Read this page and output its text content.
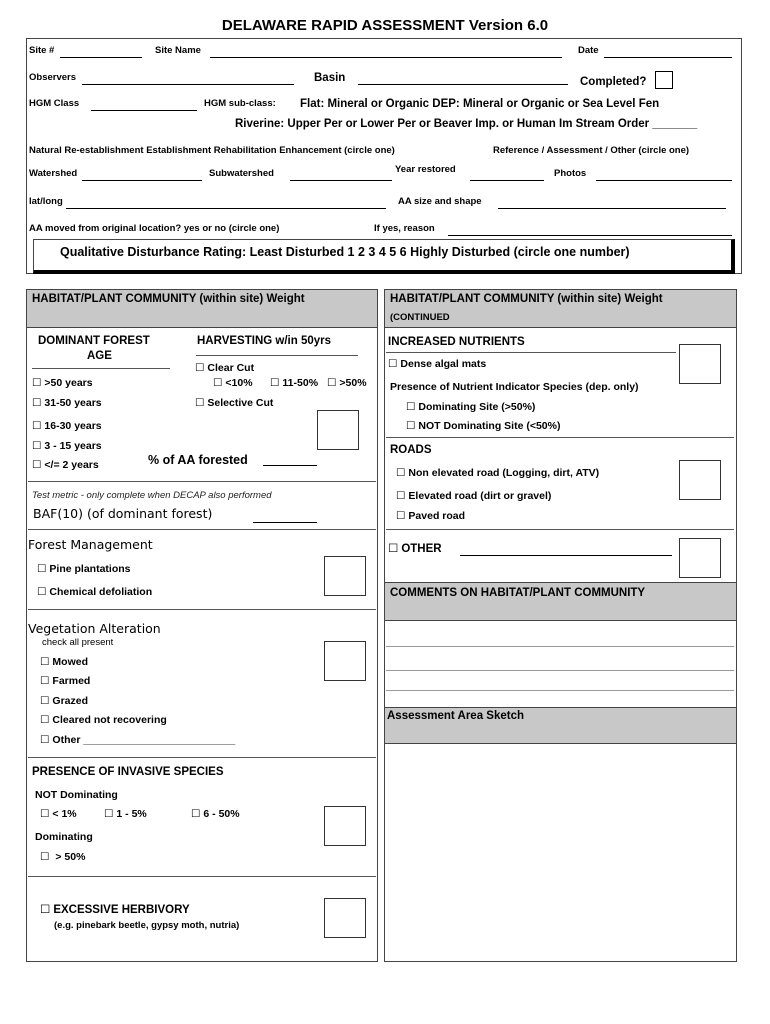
DELAWARE RAPID ASSESSMENT Version 6.0
Site #	Site Name	Date
Observers	Basin	Completed?
HGM Class	HGM sub-class: Flat: Mineral or Organic DEP: Mineral or Organic or Sea Level Fen
Riverine: Upper Per or Lower Per or Beaver Imp. or Human Im Stream Order _______
Natural Re-establishment Establishment Rehabilitation Enhancement (circle one)	Reference / Assessment / Other (circle one)
Watershed	Subwatershed	Year restored	Photos
lat/long	AA size and shape
AA moved from original location? yes or no (circle one)	If yes, reason
Qualitative Disturbance Rating: Least Disturbed 1 2 3 4 5 6 Highly Disturbed (circle one number)
HABITAT/PLANT COMMUNITY (within site) Weight
DOMINANT FOREST
AGE
HARVESTING w/in 50yrs
☐ >50 years
☐ 31-50 years
☐ 16-30 years
☐ 3 - 15 years
☐ </= 2 years
☐ Clear Cut
☐ <10%	☐ 11-50%	☐ >50%
☐ Selective Cut
% of AA forested
Test metric - only complete when DECAP also performed
BAF(10) (of dominant forest)
Forest Management
☐ Pine plantations
☐ Chemical defoliation
Vegetation Alteration
check all present
☐ Mowed
☐ Farmed
☐ Grazed
☐ Cleared not recovering
☐ Other __________________________
PRESENCE OF INVASIVE SPECIES
NOT Dominating
☐ < 1%	☐ 1 - 5%	☐ 6 - 50%
Dominating
☐ > 50%
☐ EXCESSIVE HERBIVORY
(e.g. pinebark beetle, gypsy moth, nutria)
HABITAT/PLANT COMMUNITY (within site) Weight
(CONTINUED
INCREASED NUTRIENTS
☐ Dense algal mats
Presence of Nutrient Indicator Species (dep. only)
☐ Dominating Site (>50%)
☐ NOT Dominating Site (<50%)
ROADS
☐ Non elevated road (Logging, dirt, ATV)
☐ Elevated road (dirt or gravel)
☐ Paved road
☐ OTHER
COMMENTS ON HABITAT/PLANT COMMUNITY
Assessment Area Sketch
